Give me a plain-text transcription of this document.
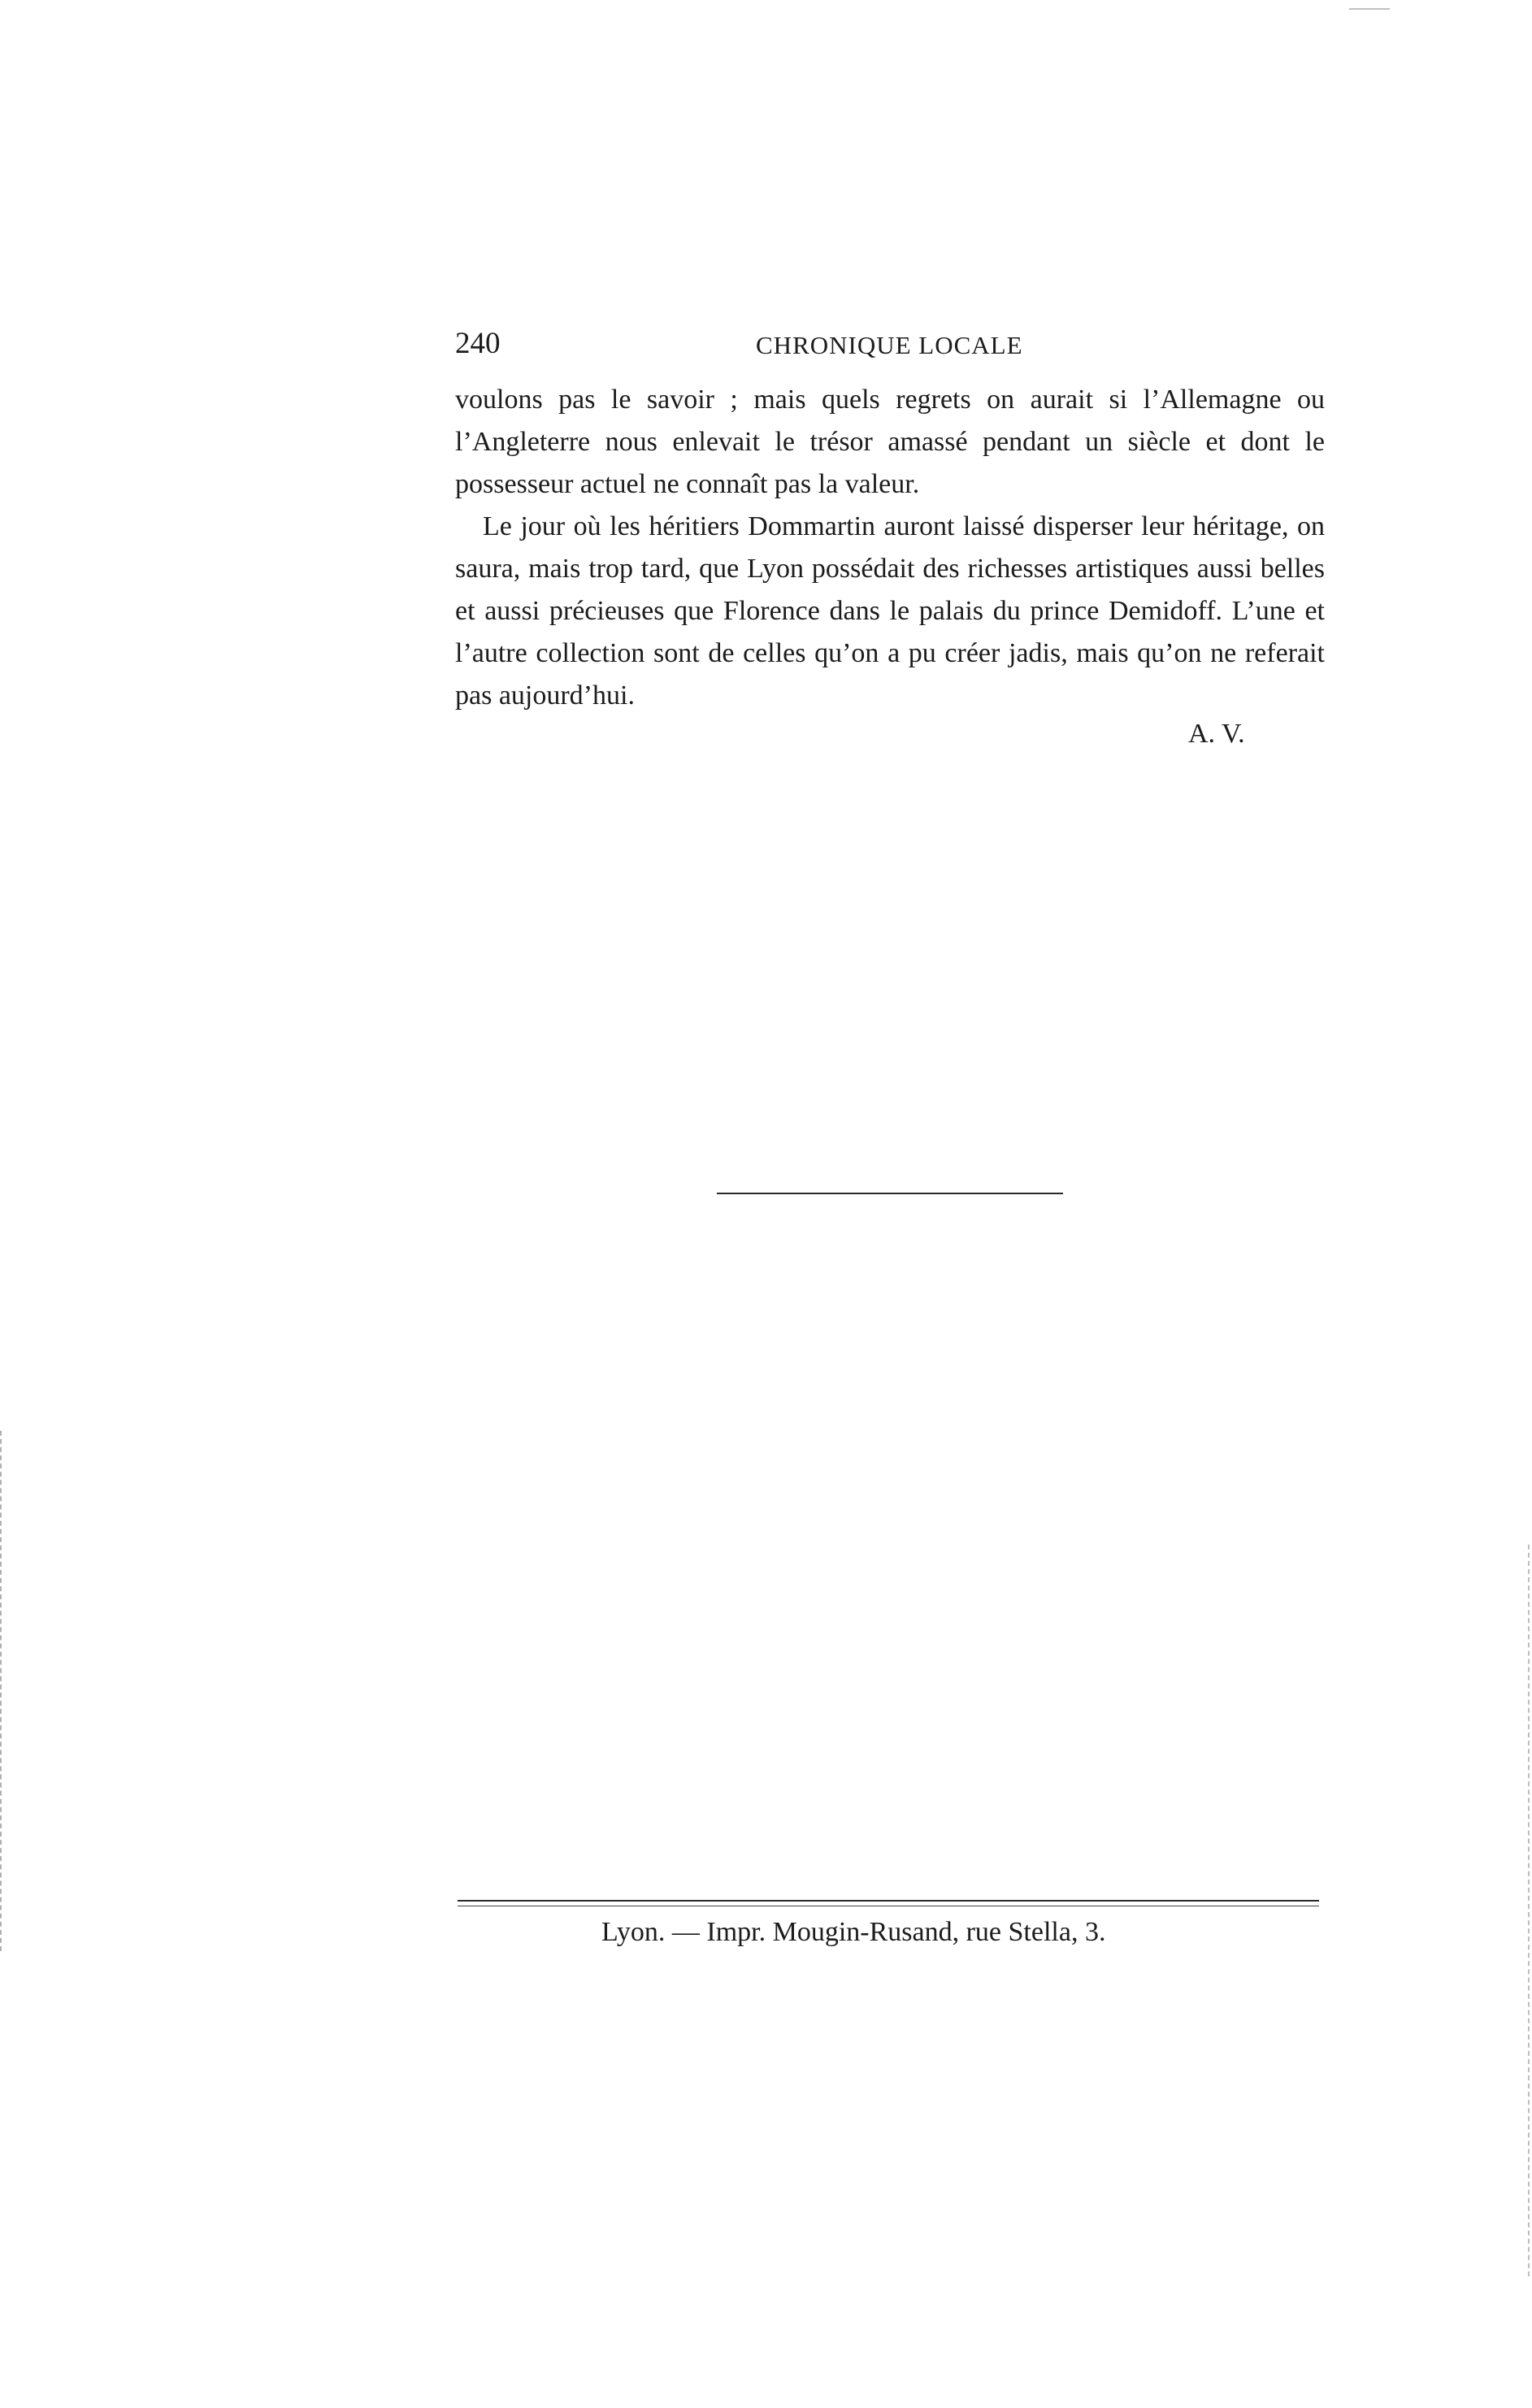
240	CHRONIQUE LOCALE

voulons pas le savoir ; mais quels regrets on aurait si l’Allemagne ou l’Angleterre nous enlevait le trésor amassé pendant un siècle et dont le possesseur actuel ne connaît pas la valeur.

Le jour où les héritiers Dommartin auront laissé disperser leur héritage, on saura, mais trop tard, que Lyon possédait des richesses artistiques aussi belles et aussi précieuses que Florence dans le palais du prince Demidoff. L’une et l’autre collection sont de celles qu’on a pu créer jadis, mais qu’on ne referait pas aujourd’hui.

A. V.
Lyon. — Impr. Mougin-Rusand, rue Stella, 3.
